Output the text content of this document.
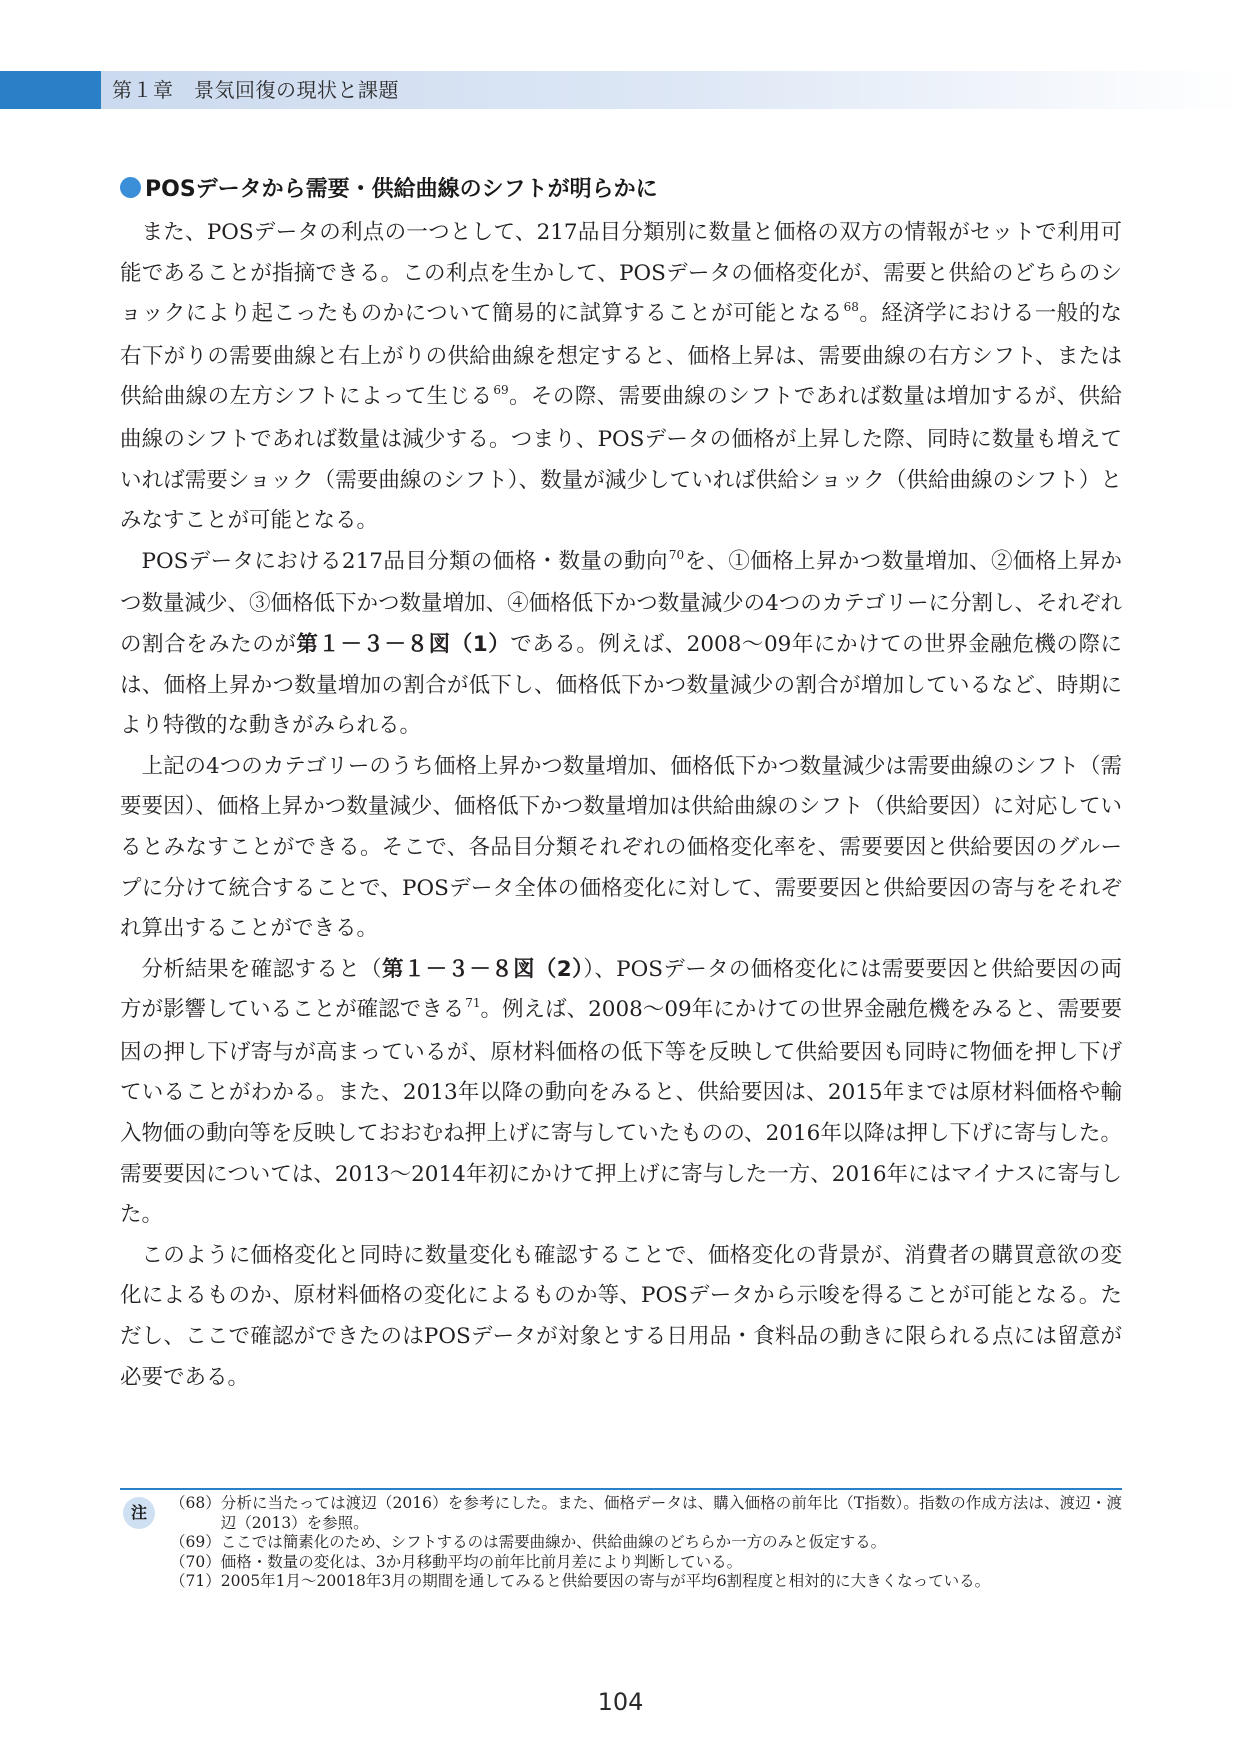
第１章　景気回復の現状と課題
POSデータから需要・供給曲線のシフトが明らかに

また、POSデータの利点の一つとして、217品目分類別に数量と価格の双方の情報がセットで利用可能であることが指摘できる。この利点を生かして、POSデータの価格変化が、需要と供給のどちらのショックにより起こったものかについて簡易的に試算することが可能となる$^{68}$。経済学における一般的な右下がりの需要曲線と右上がりの供給曲線を想定すると、価格上昇は、需要曲線の右方シフト、または供給曲線の左方シフトによって生じる$^{69}$。その際、需要曲線のシフトであれば数量は増加するが、供給曲線のシフトであれば数量は減少する。つまり、POSデータの価格が上昇した際、同時に数量も増えていれば需要ショック（需要曲線のシフト）、数量が減少していれば供給ショック（供給曲線のシフト）とみなすことが可能となる。

POSデータにおける217品目分類の価格・数量の動向$^{70}$を、①価格上昇かつ数量増加、②価格上昇かつ数量減少、③価格低下かつ数量増加、④価格低下かつ数量減少の4つのカテゴリーに分割し、それぞれの割合をみたのが第１－３－８図（1）である。例えば、2008～09年にかけての世界金融危機の際には、価格上昇かつ数量増加の割合が低下し、価格低下かつ数量減少の割合が増加しているなど、時期により特徴的な動きがみられる。

上記の4つのカテゴリーのうち価格上昇かつ数量増加、価格低下かつ数量減少は需要曲線のシフト（需要要因）、価格上昇かつ数量減少、価格低下かつ数量増加は供給曲線のシフト（供給要因）に対応しているとみなすことができる。そこで、各品目分類それぞれの価格変化率を、需要要因と供給要因のグループに分けて統合することで、POSデータ全体の価格変化に対して、需要要因と供給要因の寄与をそれぞれ算出することができる。

分析結果を確認すると（第１－３－８図（2））、POSデータの価格変化には需要要因と供給要因の両方が影響していることが確認できる$^{71}$。例えば、2008～09年にかけての世界金融危機をみると、需要要因の押し下げ寄与が高まっているが、原材料価格の低下等を反映して供給要因も同時に物価を押し下げていることがわかる。また、2013年以降の動向をみると、供給要因は、2015年までは原材料価格や輸入物価の動向等を反映しておおむね押上げに寄与していたものの、2016年以降は押し下げに寄与した。需要要因については、2013～2014年初にかけて押上げに寄与した一方、2016年にはマイナスに寄与した。

このように価格変化と同時に数量変化も確認することで、価格変化の背景が、消費者の購買意欲の変化によるものか、原材料価格の変化によるものか等、POSデータから示唆を得ることが可能となる。ただし、ここで確認ができたのはPOSデータが対象とする日用品・食料品の動きに限られる点には留意が必要である。

注	（68） 分析に当たっては渡辺（2016）を参考にした。また、価格データは、購入価格の前年比（T指数）。指数の作成方法は、渡辺・渡辺（2013）を参照。
（69） ここでは簡素化のため、シフトするのは需要曲線か、供給曲線のどちらか一方のみと仮定する。
（70） 価格・数量の変化は、3か月移動平均の前年比前月差により判断している。
（71） 2005年1月～20018年3月の期間を通してみると供給要因の寄与が平均6割程度と相対的に大きくなっている。
104
